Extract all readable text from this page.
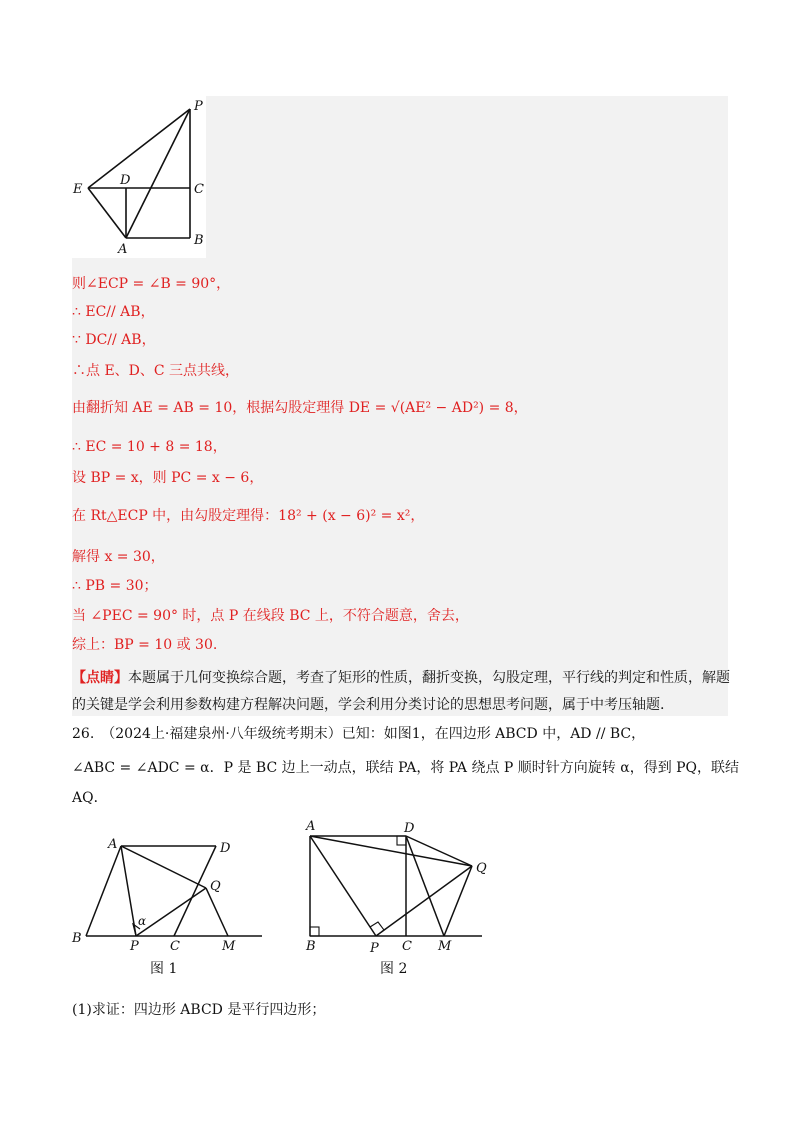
P
E
D
C
A
B
则∠ECP = ∠B = 90°，
∴ EC// AB，
∵ DC// AB，
∴点 E、D、C 三点共线，
由翻折知 AE = AB = 10，根据勾股定理得 DE = √(AE² − AD²) = 8，
∴ EC = 10 + 8 = 18，
设 BP = x，则 PC = x − 6，
在 Rt△ECP 中，由勾股定理得：18² + (x − 6)² = x²，
解得 x = 30，
∴ PB = 30；
当 ∠PEC = 90° 时，点 P 在线段 BC 上，不符合题意，舍去，
综上：BP = 10 或 30.
【点睛】本题属于几何变换综合题，考查了矩形的性质，翻折变换，勾股定理，平行线的判定和性质，解题的关键是学会利用参数构建方程解决问题，学会利用分类讨论的思想思考问题，属于中考压轴题.
26.　（2024上·福建泉州·八年级统考期末）已知：如图1，在四边形 ABCD 中，AD // BC，
∠ABC = ∠ADC = α．P 是 BC 边上一动点，联结 PA，将 PA 绕点 P 顺时针方向旋转 α，得到 PQ，联结
AQ．
A	D
Q
α
B
P C	M
图 1
A	D
Q
B	P C M
图 2
(1)求证：四边形 ABCD 是平行四边形；
